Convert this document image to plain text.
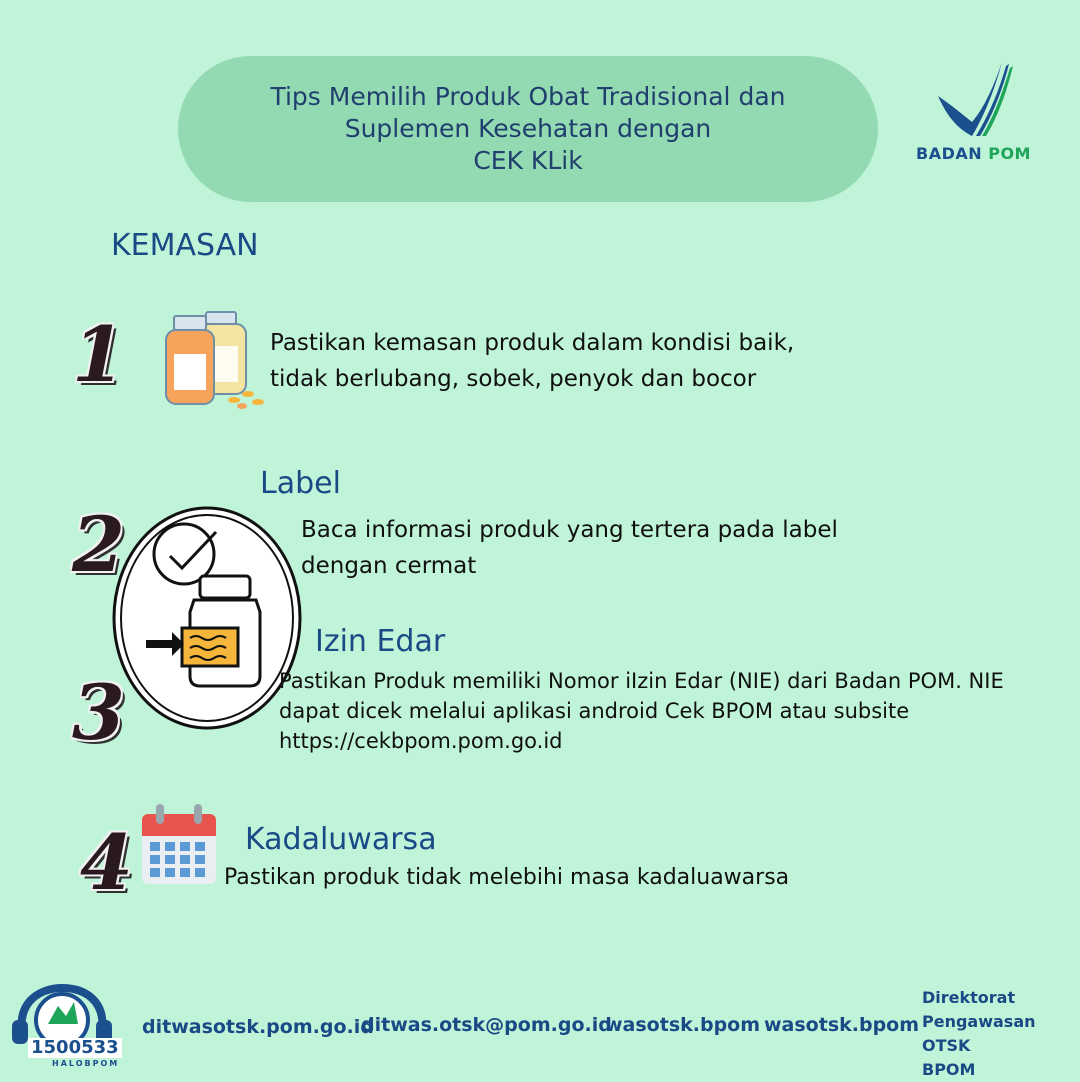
Tips Memilih Produk Obat Tradisional dan
Suplemen Kesehatan dengan
CEK KLik	BADAN POM
KEMASAN
1	Pastikan kemasan produk dalam kondisi baik,
tidak berlubang, sobek, penyok dan bocor
Label
2	Baca informasi produk yang tertera pada label
dengan cermat
Izin Edar
3	Pastikan Produk memiliki Nomor iIzin Edar (NIE) dari Badan POM. NIE
dapat dicek melalui aplikasi android Cek BPOM atau subsite
https://cekbpom.pom.go.id
4	Kadaluwarsa
Pastikan produk tidak melebihi masa kadaluawarsa
1500533
HALOBPOM
ditwasotsk.pom.go.id
ditwas.otsk@pom.go.id
wasotsk.bpom wasotsk.bpom
Direktorat
Pengawasan OTSK
BPOM
